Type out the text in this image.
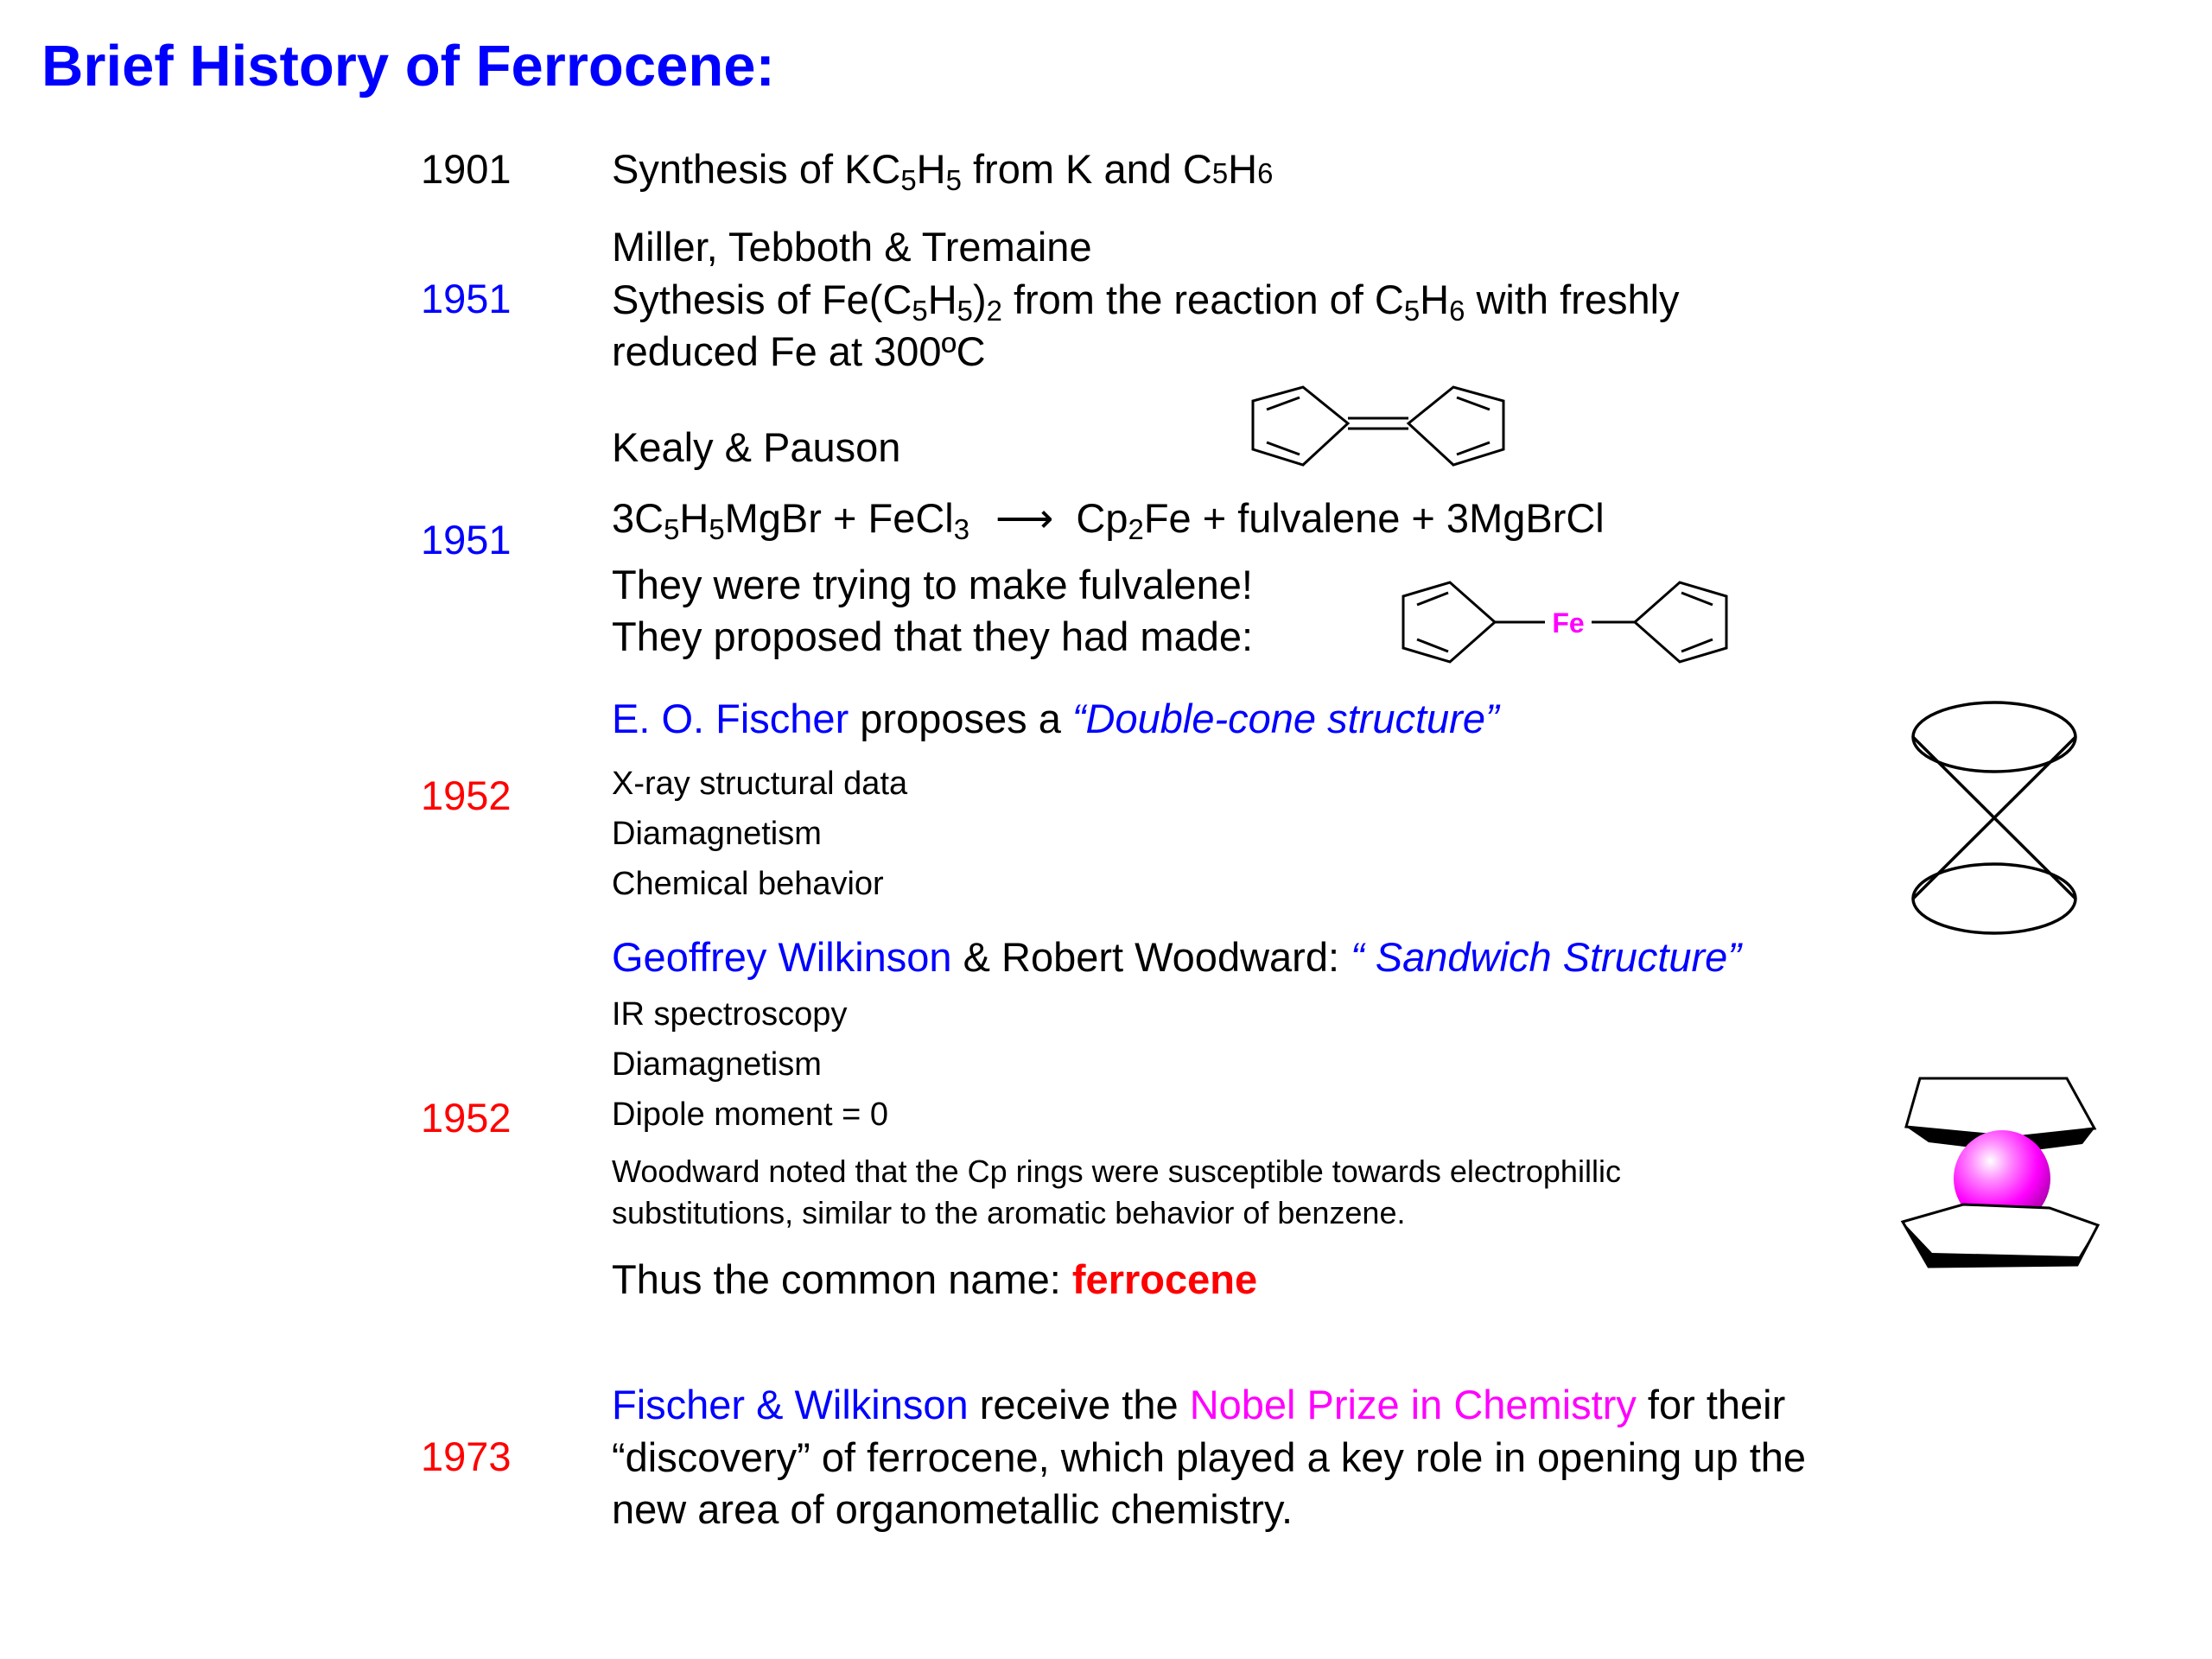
Brief History of Ferrocene:
1901 Synthesis of $KC_5H_5$ from K and C5H6
1951
Miller, Tebboth & Tremaine
Sythesis of $Fe(C_5H_5)_2$ from the reaction of $C_5H_6$ with freshly
reduced Fe at 300ºC
1951
Kealy & Pauson
$3C_5H_5MgBr$ + FeCl$_3$ ⟶ $Cp_2Fe$ + fulvalene + 3MgBrCl
They were trying to make fulvalene!
They proposed that they had made:	Fe
1952
E. O. Fischer proposes a “Double-cone structure”
X-ray structural data
Diamagnetism
Chemical behavior
1952
Geoffrey Wilkinson & Robert Woodward: “ Sandwich Structure”
IR spectroscopy
Diamagnetism
Dipole moment = 0
Woodward noted that the Cp rings were susceptible towards electrophillic
substitutions, similar to the aromatic behavior of benzene.
Thus the common name: ferrocene
1973
Fischer & Wilkinson receive the Nobel Prize in Chemistry for their
“discovery” of ferrocene, which played a key role in opening up the
new area of organometallic chemistry.
